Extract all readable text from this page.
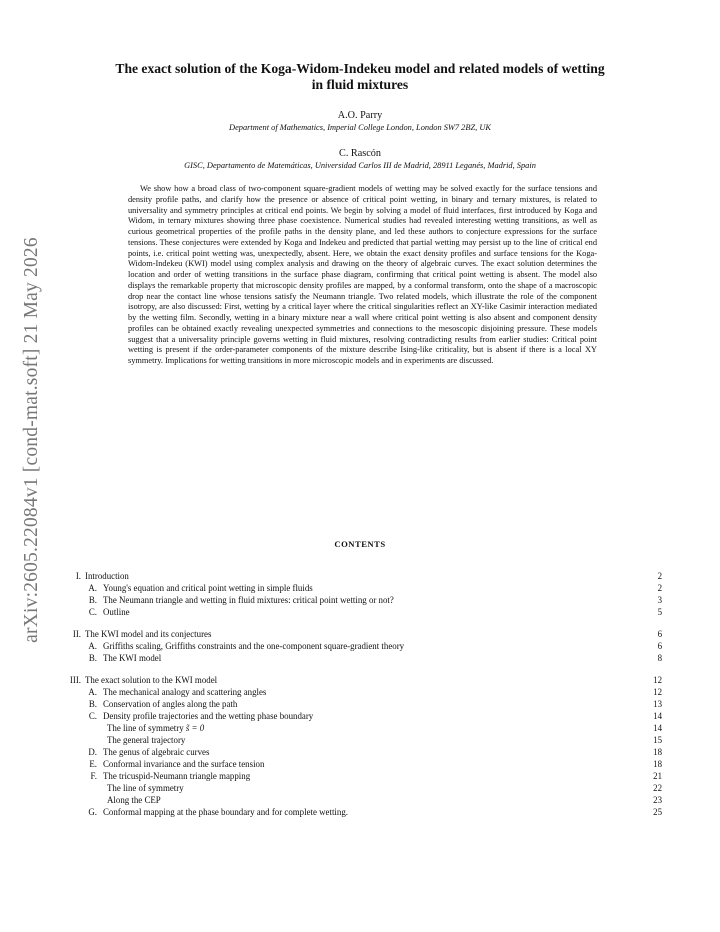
arXiv:2605.22084v1 [cond-mat.soft] 21 May 2026
The exact solution of the Koga-Widom-Indekeu model and related models of wetting
in fluid mixtures
A.O. Parry
Department of Mathematics, Imperial College London, London SW7 2BZ, UK
C. Rascón
GISC, Departamento de Matemáticas, Universidad Carlos III de Madrid, 28911 Leganés, Madrid, Spain

We show how a broad class of two-component square-gradient models of wetting may be solved exactly for the surface tensions and density profile paths, and clarify how the presence or absence of critical point wetting, in binary and ternary mixtures, is related to universality and symmetry principles at critical end points. We begin by solving a model of fluid interfaces, first introduced by Koga and Widom, in ternary mixtures showing three phase coexistence. Numerical studies had revealed interesting wetting transitions, as well as curious geometrical properties of the profile paths in the density plane, and led these authors to conjecture expressions for the surface tensions. These conjectures were extended by Koga and Indekeu and predicted that partial wetting may persist up to the line of critical end points, i.e. critical point wetting was, unexpectedly, absent. Here, we obtain the exact density profiles and surface tensions for the Koga-Widom-Indekeu (KWI) model using complex analysis and drawing on the theory of algebraic curves. The exact solution determines the location and order of wetting transitions in the surface phase diagram, confirming that critical point wetting is absent. The model also displays the remarkable property that microscopic density profiles are mapped, by a conformal transform, onto the shape of a macroscopic drop near the contact line whose tensions satisfy the Neumann triangle. Two related models, which illustrate the role of the component isotropy, are also discussed: First, wetting by a critical layer where the critical singularities reflect an XY-like Casimir interaction mediated by the wetting film. Secondly, wetting in a binary mixture near a wall where critical point wetting is also absent and component density profiles can be obtained exactly revealing unexpected symmetries and connections to the mesoscopic disjoining pressure. These models suggest that a universality principle governs wetting in fluid mixtures, resolving contradicting results from earlier studies: Critical point wetting is present if the order-parameter components of the mixture describe Ising-like criticality, but is absent if there is a local XY symmetry. Implications for wetting transitions in more microscopic models and in experiments are discussed.

CONTENTS
I. Introduction	2
A. Young's equation and critical point wetting in simple fluids	2
B. The Neumann triangle and wetting in fluid mixtures: critical point wetting or not?	3
C. Outline	5
II. The KWI model and its conjectures	6
A. Griffiths scaling, Griffiths constraints and the one-component square-gradient theory	6
B. The KWI model	8
III. The exact solution to the KWI model	12
A. The mechanical analogy and scattering angles	12
B. Conservation of angles along the path	13
C. Density profile trajectories and the wetting phase boundary	14
The line of symmetry s̃ = 0	14
The general trajectory	15
D. The genus of algebraic curves	18
E. Conformal invariance and the surface tension	18
F. The tricuspid-Neumann triangle mapping	21
The line of symmetry	22
Along the CEP	23
G. Conformal mapping at the phase boundary and for complete wetting.	25
